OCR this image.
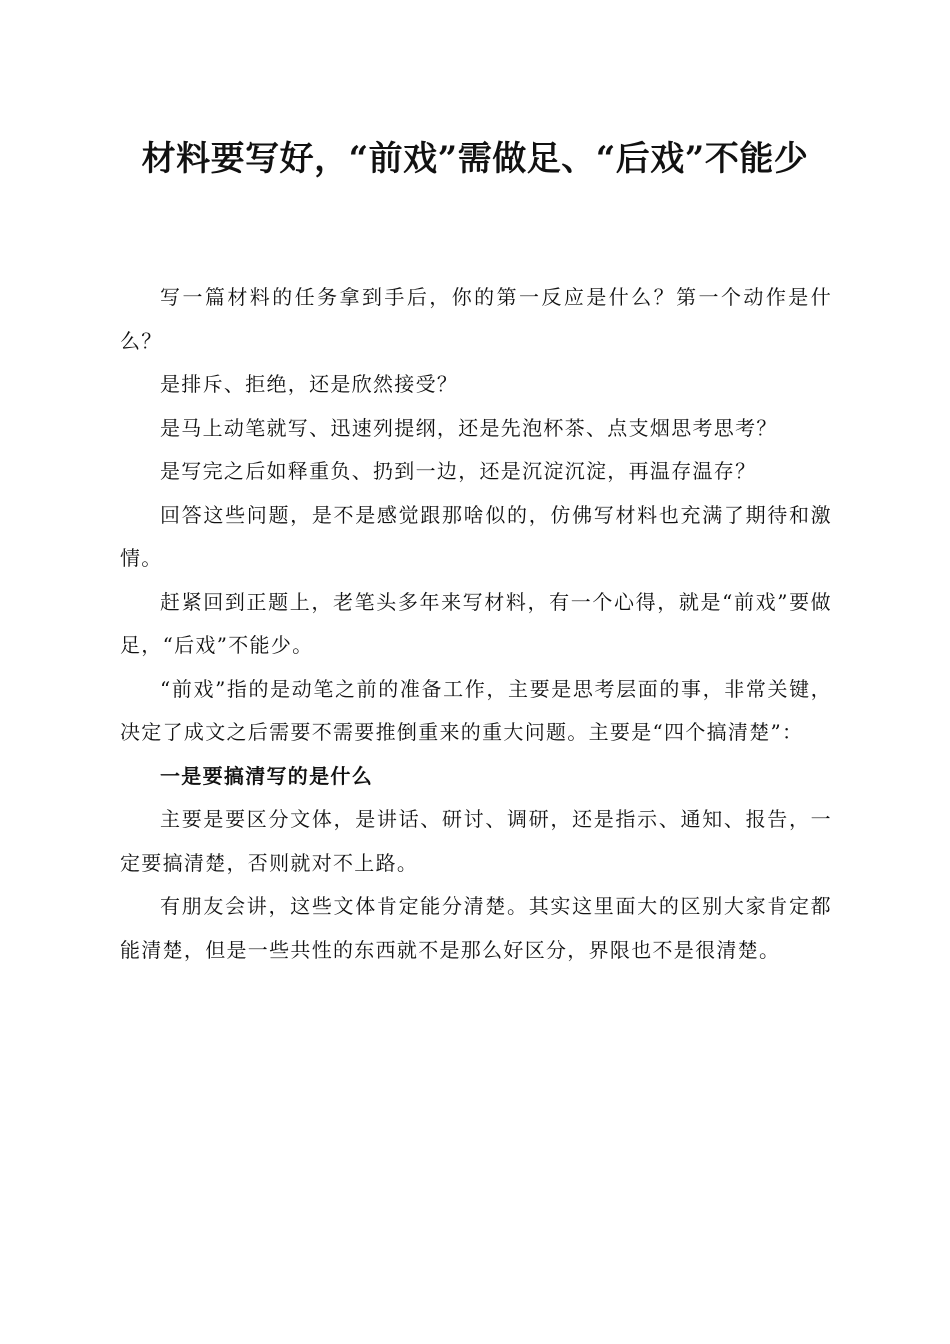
材料要写好，“前戏”需做足、“后戏”不能少

写一篇材料的任务拿到手后，你的第一反应是什么？第一个动作是什么？

是排斥、拒绝，还是欣然接受？

是马上动笔就写、迅速列提纲，还是先泡杯茶、点支烟思考思考？

是写完之后如释重负、扔到一边，还是沉淀沉淀，再温存温存？

回答这些问题，是不是感觉跟那啥似的，仿佛写材料也充满了期待和激情。

赶紧回到正题上，老笔头多年来写材料，有一个心得，就是“前戏”要做足，“后戏”不能少。

“前戏”指的是动笔之前的准备工作，主要是思考层面的事，非常关键，决定了成文之后需要不需要推倒重来的重大问题。主要是“四个搞清楚”：

一是要搞清写的是什么

主要是要区分文体，是讲话、研讨、调研，还是指示、通知、报告，一定要搞清楚，否则就对不上路。

有朋友会讲，这些文体肯定能分清楚。其实这里面大的区别大家肯定都能清楚，但是一些共性的东西就不是那么好区分，界限也不是很清楚。
